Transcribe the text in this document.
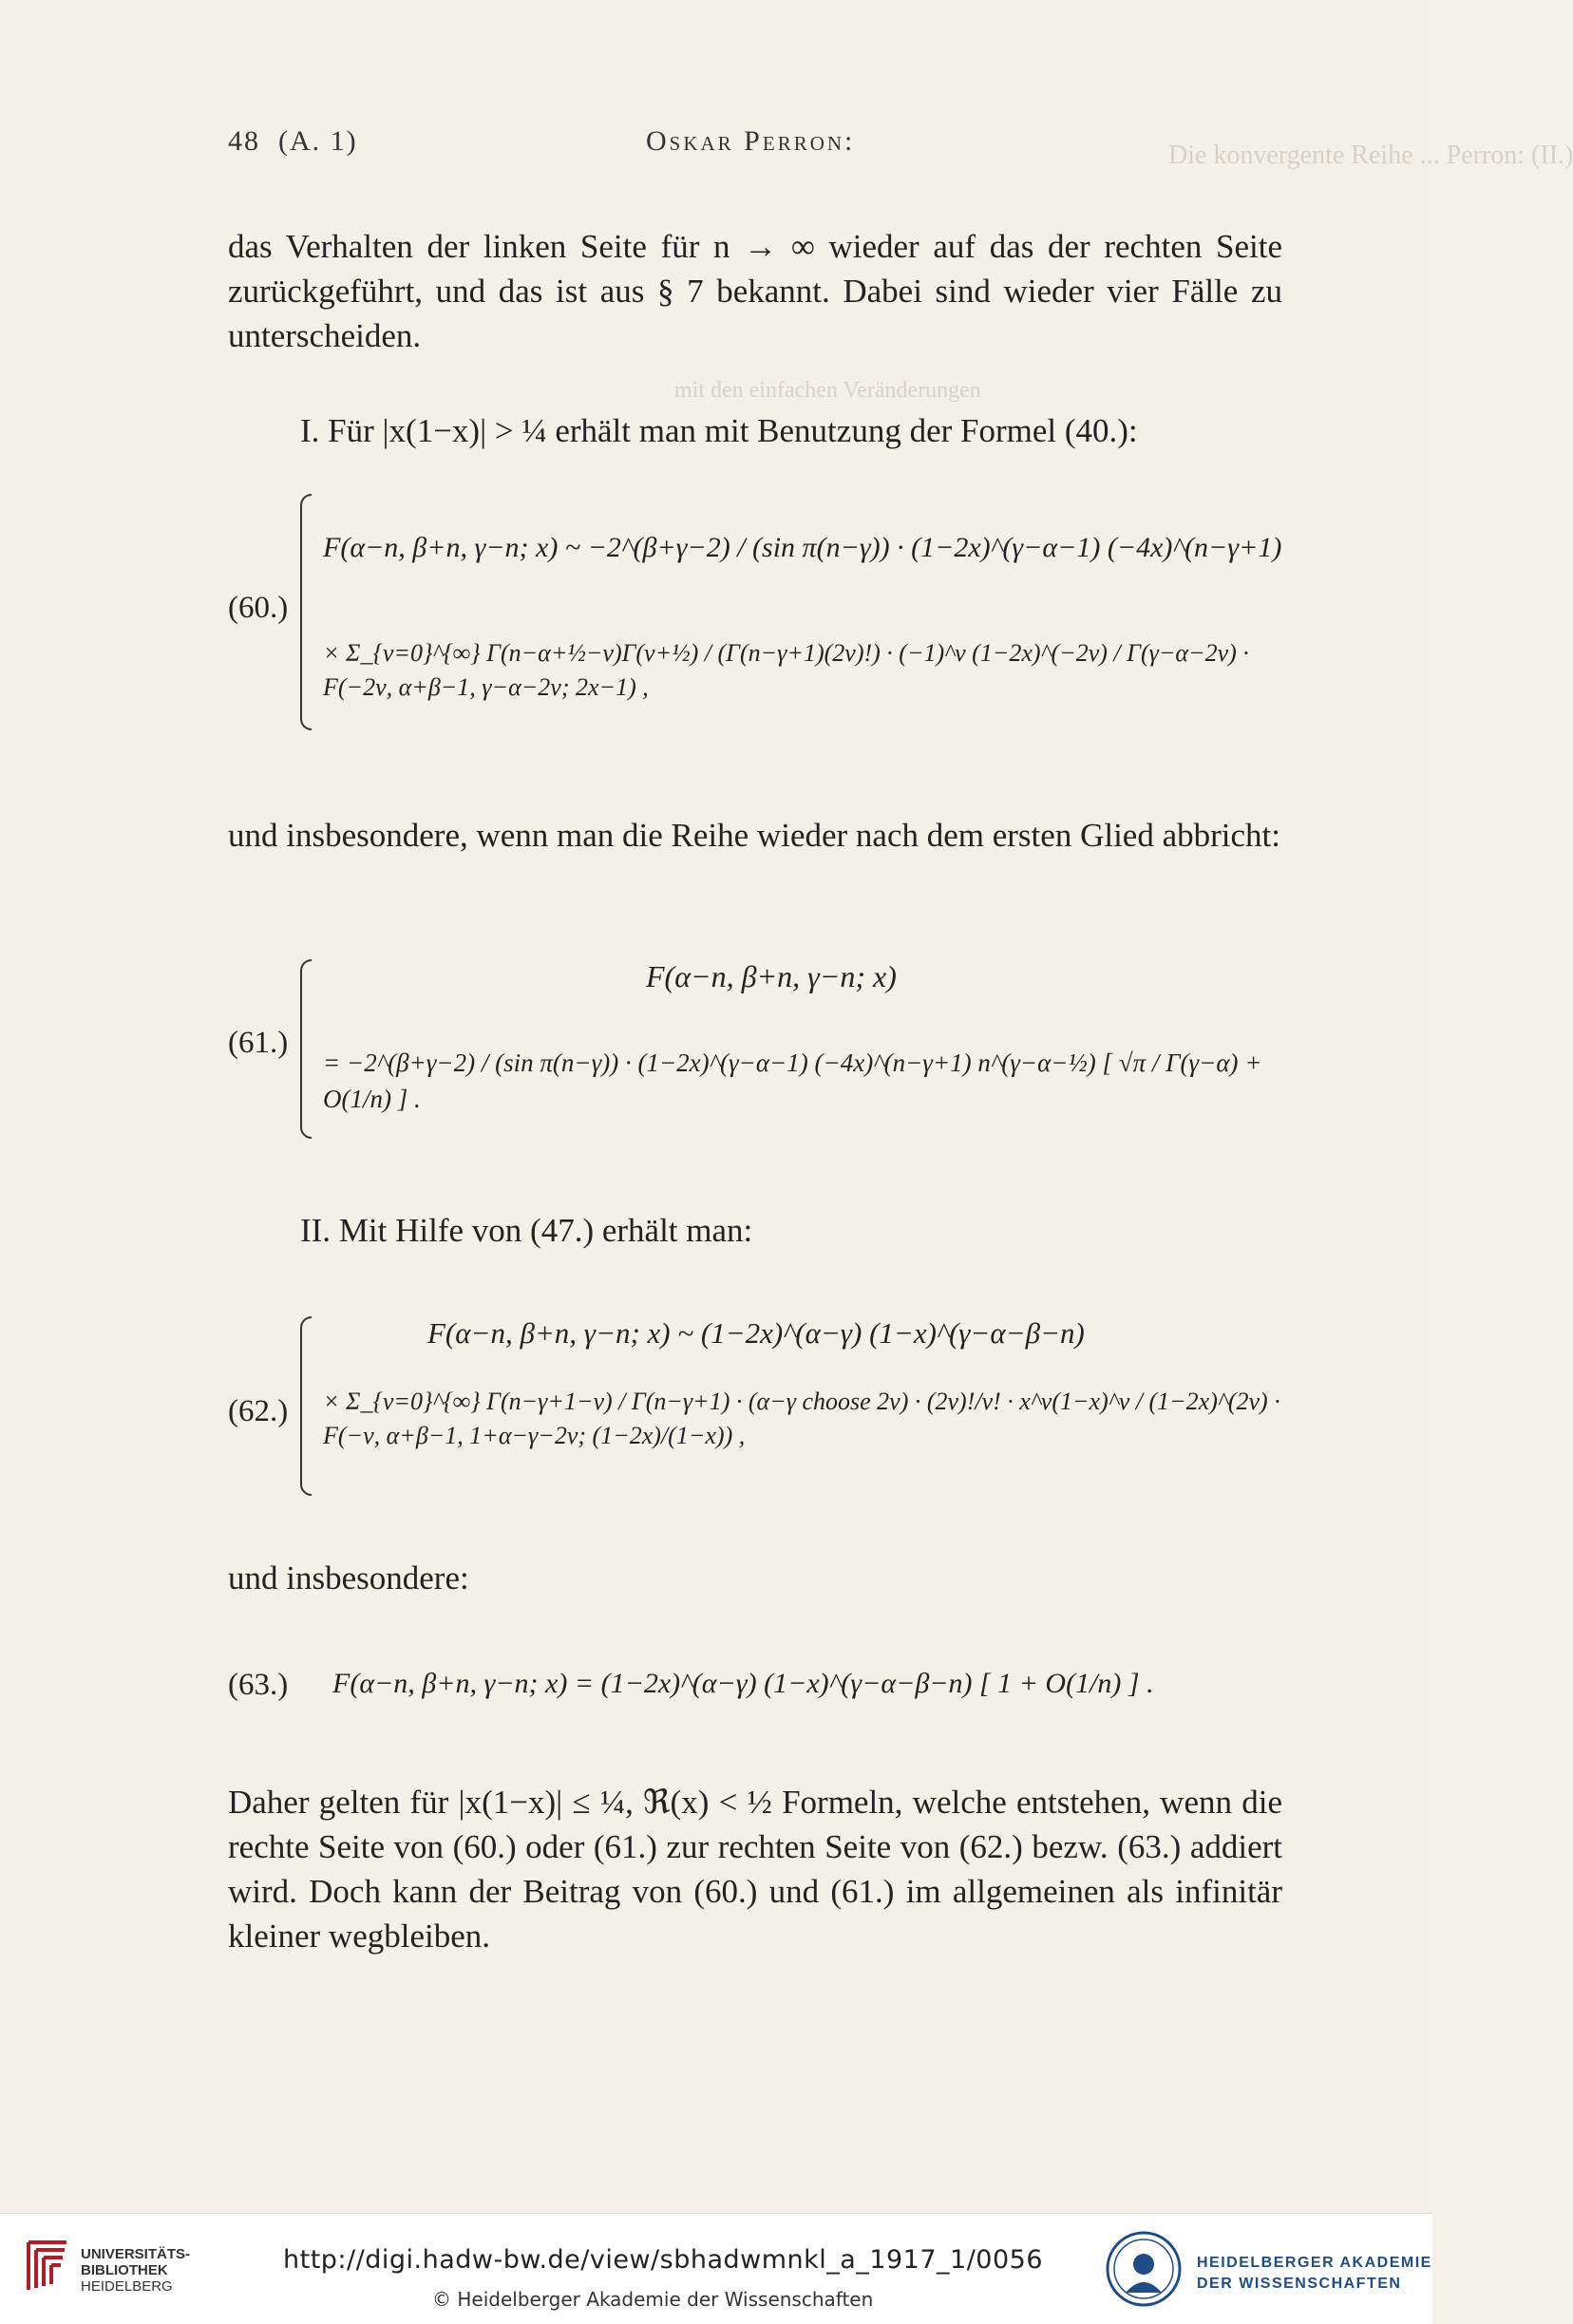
Die konvergente Reihe ... Perron: (II.)
mit den einfachen Veränderungen
48 (A. 1)	Oskar Perron:
das Verhalten der linken Seite für n → ∞ wieder auf das der rechten Seite zurückgeführt, und das ist aus § 7 bekannt. Dabei sind wieder vier Fälle zu unterscheiden.
I. Für |x(1−x)| > ¼ erhält man mit Benutzung der Formel (40.):
(60.)
F(α−n, β+n, γ−n; x) ~ −2^(β+γ−2) / (sin π(n−γ)) · (1−2x)^(γ−α−1) (−4x)^(n−γ+1)
× Σ_{ν=0}^{∞} Γ(n−α+½−ν)Γ(ν+½) / (Γ(n−γ+1)(2ν)!) · (−1)^ν (1−2x)^(−2ν) / Γ(γ−α−2ν) · F(−2ν, α+β−1, γ−α−2ν; 2x−1) ,
und insbesondere, wenn man die Reihe wieder nach dem ersten Glied abbricht:
(61.)
F(α−n, β+n, γ−n; x)
= −2^(β+γ−2) / (sin π(n−γ)) · (1−2x)^(γ−α−1) (−4x)^(n−γ+1) n^(γ−α−½) [ √π / Γ(γ−α) + O(1/n) ] .
II. Mit Hilfe von (47.) erhält man:
(62.)
F(α−n, β+n, γ−n; x) ~ (1−2x)^(α−γ) (1−x)^(γ−α−β−n)
× Σ_{ν=0}^{∞} Γ(n−γ+1−ν) / Γ(n−γ+1) · (α−γ choose 2ν) · (2ν)!/ν! · x^ν(1−x)^ν / (1−2x)^(2ν) · F(−ν, α+β−1, 1+α−γ−2ν; (1−2x)/(1−x)) ,
und insbesondere:
(63.) F(α−n, β+n, γ−n; x) = (1−2x)^(α−γ) (1−x)^(γ−α−β−n) [ 1 + O(1/n) ] .
Daher gelten für |x(1−x)| ≤ ¼, ℜ(x) < ½ Formeln, welche entstehen, wenn die rechte Seite von (60.) oder (61.) zur rechten Seite von (62.) bezw. (63.) addiert wird. Doch kann der Beitrag von (60.) und (61.) im allgemeinen als infinitär kleiner wegbleiben.
UNIVERSITÄTS-
BIBLIOTHEK
HEIDELBERG
http://digi.hadw-bw.de/view/sbhadwmnkl_a_1917_1/0056
© Heidelberger Akademie der Wissenschaften
HEIDELBERGER AKADEMIE
DER WISSENSCHAFTEN
